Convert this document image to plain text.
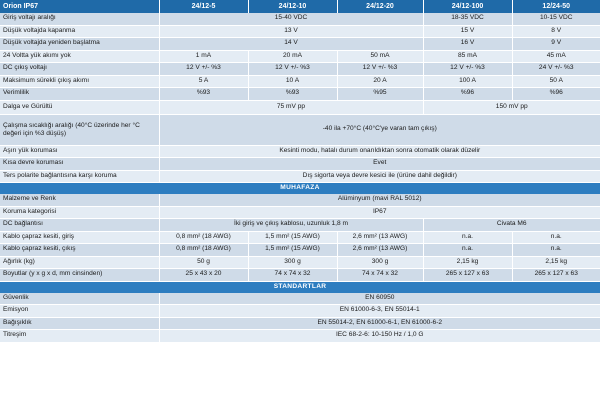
Orion IP67	24/12-5	24/12-10	24/12-20	24/12-100	12/24-50
Giriş voltajı aralığı	15-40 VDC			18-35 VDC	10-15 VDC
Düşük voltajda kapanma	13 V			15 V	8 V
Düşük voltajda yeniden başlatma	14 V			16 V	9 V
24 Voltta yük akımı yok	1 mA	20 mA	50 mA	85 mA	45 mA
DC çıkış voltajı	12 V +/- %3	12 V +/- %3	12 V +/- %3	12 V +/- %3	24 V +/- %3
Maksimum sürekli çıkış akımı	5 A	10 A	20 A	100 A	50 A
Verimlilik	%93	%93	%95	%96	%96
Dalga ve Gürültü	75 mV pp			150 mV pp	
Çalışma sıcaklığı aralığı (40°C üzerinde her °C değeri için %3 düşüş)	-40 ila +70°C (40°C'ye varan tam çıkış)				
Aşırı yük koruması	Kesinti modu, hatalı durum onarıldıktan sonra otomatik olarak düzelir				
Kısa devre koruması	Evet				
Ters polarite bağlantısına karşı koruma	Dış sigorta veya devre kesici ile (ürüne dahil değildir)				
MUHAFAZA					
Malzeme ve Renk	Alüminyum (mavi RAL 5012)				
Koruma kategorisi	IP67				
DC bağlantısı	İki giriş ve çıkış kablosu, uzunluk 1,8 m			Civata M6	
Kablo çapraz kesiti, giriş	0,8 mm² (18 AWG)	1,5 mm² (15 AWG)	2,6 mm² (13 AWG)	n.a.	n.a.
Kablo çapraz kesiti, çıkış	0,8 mm² (18 AWG)	1,5 mm² (15 AWG)	2,6 mm² (13 AWG)	n.a.	n.a.
Ağırlık (kg)	50 g	300 g	300 g	2,15 kg	2,15 kg
Boyutlar (y x g x d, mm cinsinden)	25 x 43 x 20	74 x 74 x 32	74 x 74 x 32	265 x 127 x 63	265 x 127 x 63
STANDARTLAR					
Güvenlik	EN 60950				
Emisyon	EN 61000-6-3, EN 55014-1				
Bağışıklık	EN 55014-2, EN 61000-6-1, EN 61000-6-2				
Titreşim	IEC 68-2-6: 10-150 Hz / 1,0 G				
